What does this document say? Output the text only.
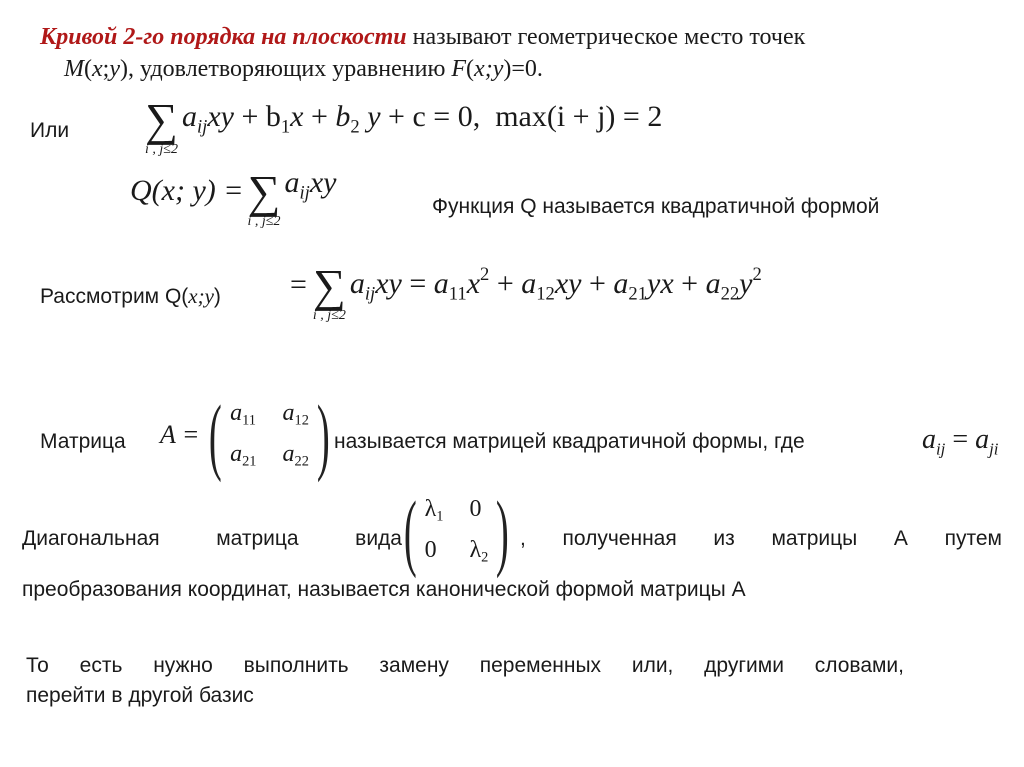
Кривой 2-го порядка на плоскости называют геометрическое место точек
M(x;y), удовлетворяющих уравнению F(x;y)=0.
Или ∑
i , j≤2
$a_{ij}xy + b_1x + b_2$ y + c = 0, max(i + j) = 2
Q(x; y) = ∑
i , j≤2
$a_{ij}xy$
Функция Q называется квадратичной формой
Рассмотрим Q(x;y) = ∑
i , j≤2
$a_{ij}xy = a_{11}x^2 + a_{12}xy + a_{21}yx + a_{22}y^2$
Матрица A = ( $a_{11}$ $a_{12}$
$a_{21}$ $a_{22}$ ) называется матрицей квадратичной формы, где	$a_{ij} = a_{ji}$
Диагональная матрица вида ( $\lambda_1$ 0
0 $\lambda_2$ ) , полученная из матрицы А путем
преобразования координат, называется канонической формой матрицы А
То есть нужно выполнить замену переменных или, другими словами,
перейти в другой базис
